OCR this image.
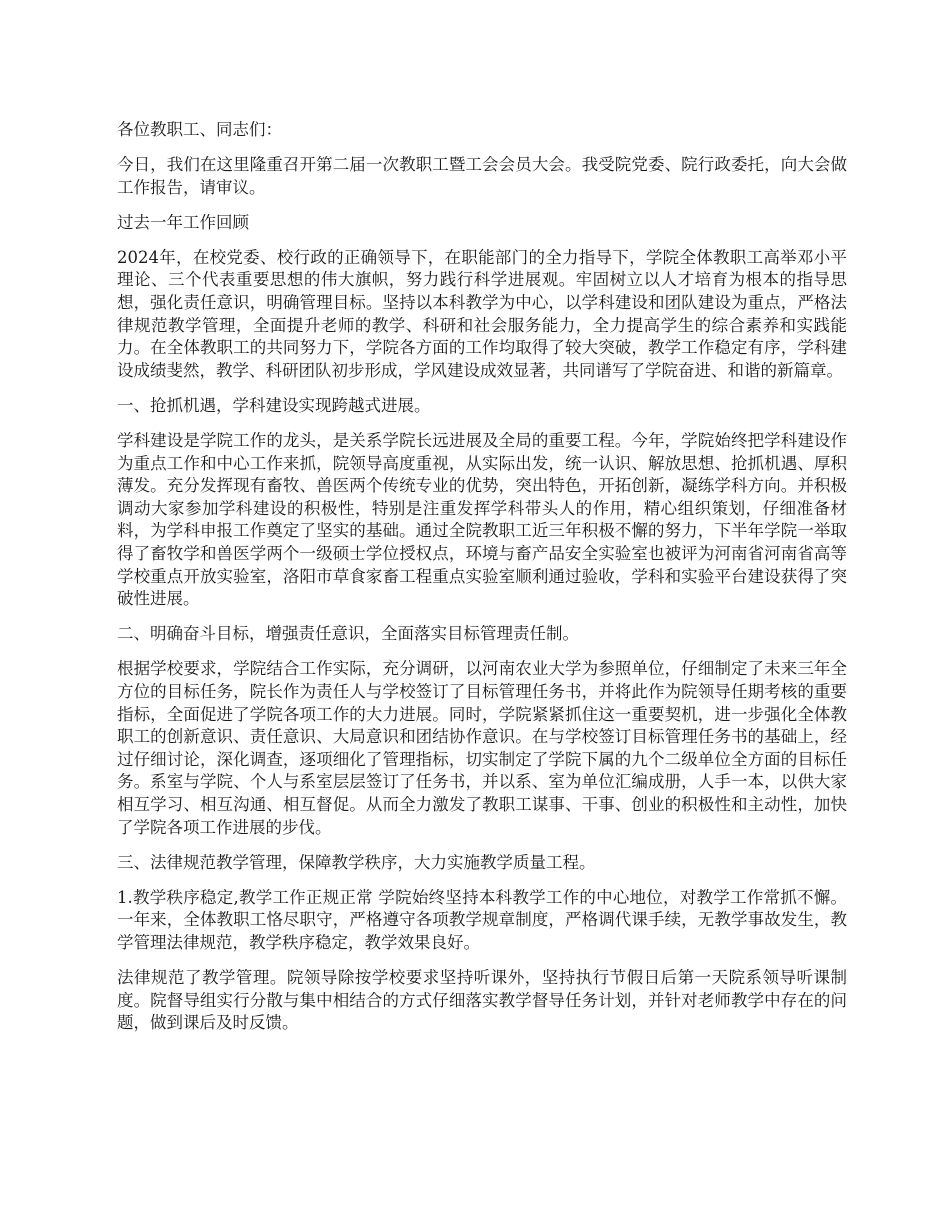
各位教职工、同志们：

今日，我们在这里隆重召开第二届一次教职工暨工会会员大会。我受院党委、院行政委托，向大会做工作报告，请审议。

过去一年工作回顾

2024年，在校党委、校行政的正确领导下，在职能部门的全力指导下，学院全体教职工高举邓小平理论、三个代表重要思想的伟大旗帜，努力践行科学进展观。牢固树立以人才培育为根本的指导思想，强化责任意识，明确管理目标。坚持以本科教学为中心，以学科建设和团队建设为重点，严格法律规范教学管理，全面提升老师的教学、科研和社会服务能力，全力提高学生的综合素养和实践能力。在全体教职工的共同努力下，学院各方面的工作均取得了较大突破，教学工作稳定有序，学科建设成绩斐然，教学、科研团队初步形成，学风建设成效显著，共同谱写了学院奋进、和谐的新篇章。

一、抢抓机遇，学科建设实现跨越式进展。

学科建设是学院工作的龙头，是关系学院长远进展及全局的重要工程。今年，学院始终把学科建设作为重点工作和中心工作来抓，院领导高度重视，从实际出发，统一认识、解放思想、抢抓机遇、厚积薄发。充分发挥现有畜牧、兽医两个传统专业的优势，突出特色，开拓创新，凝练学科方向。并积极调动大家参加学科建设的积极性，特别是注重发挥学科带头人的作用，精心组织策划，仔细准备材料，为学科申报工作奠定了坚实的基础。通过全院教职工近三年积极不懈的努力，下半年学院一举取得了畜牧学和兽医学两个一级硕士学位授权点，环境与畜产品安全实验室也被评为河南省河南省高等学校重点开放实验室，洛阳市草食家畜工程重点实验室顺利通过验收，学科和实验平台建设获得了突破性进展。

二、明确奋斗目标，增强责任意识，全面落实目标管理责任制。

根据学校要求，学院结合工作实际，充分调研，以河南农业大学为参照单位，仔细制定了未来三年全方位的目标任务，院长作为责任人与学校签订了目标管理任务书，并将此作为院领导任期考核的重要指标，全面促进了学院各项工作的大力进展。同时，学院紧紧抓住这一重要契机，进一步强化全体教职工的创新意识、责任意识、大局意识和团结协作意识。在与学校签订目标管理任务书的基础上，经过仔细讨论，深化调查，逐项细化了管理指标，切实制定了学院下属的九个二级单位全方面的目标任务。系室与学院、个人与系室层层签订了任务书，并以系、室为单位汇编成册，人手一本，以供大家相互学习、相互沟通、相互督促。从而全力激发了教职工谋事、干事、创业的积极性和主动性，加快了学院各项工作进展的步伐。

三、法律规范教学管理，保障教学秩序，大力实施教学质量工程。

1.教学秩序稳定,教学工作正规正常 学院始终坚持本科教学工作的中心地位，对教学工作常抓不懈。一年来，全体教职工恪尽职守，严格遵守各项教学规章制度，严格调代课手续，无教学事故发生，教学管理法律规范，教学秩序稳定，教学效果良好。

法律规范了教学管理。院领导除按学校要求坚持听课外，坚持执行节假日后第一天院系领导听课制度。院督导组实行分散与集中相结合的方式仔细落实教学督导任务计划，并针对老师教学中存在的问题，做到课后及时反馈。
